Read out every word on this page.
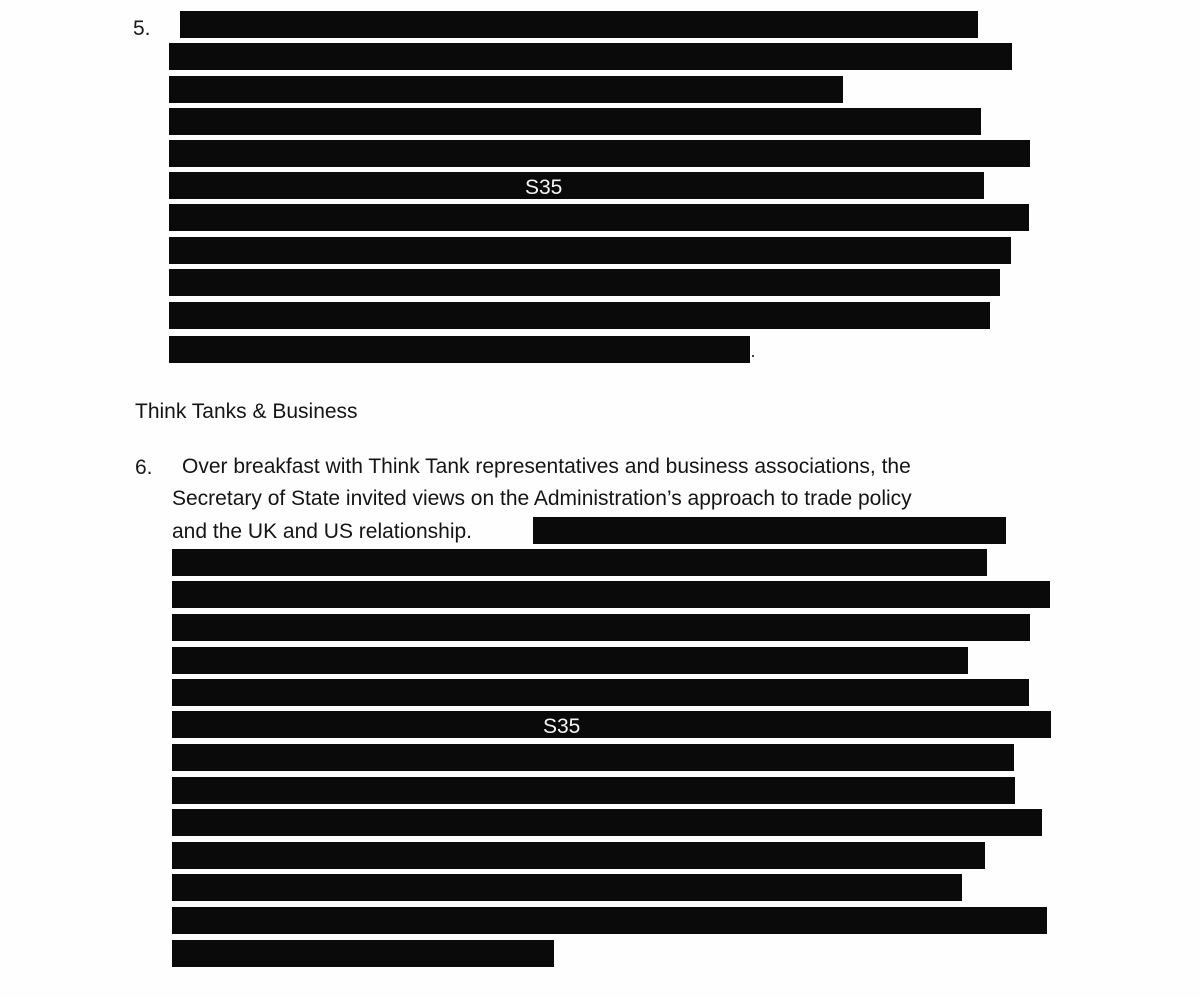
5.
S35
Think Tanks & Business
6. Over breakfast with Think Tank representatives and business associations, the
Secretary of State invited views on the Administration’s approach to trade policy
and the UK and US relationship.
S35
